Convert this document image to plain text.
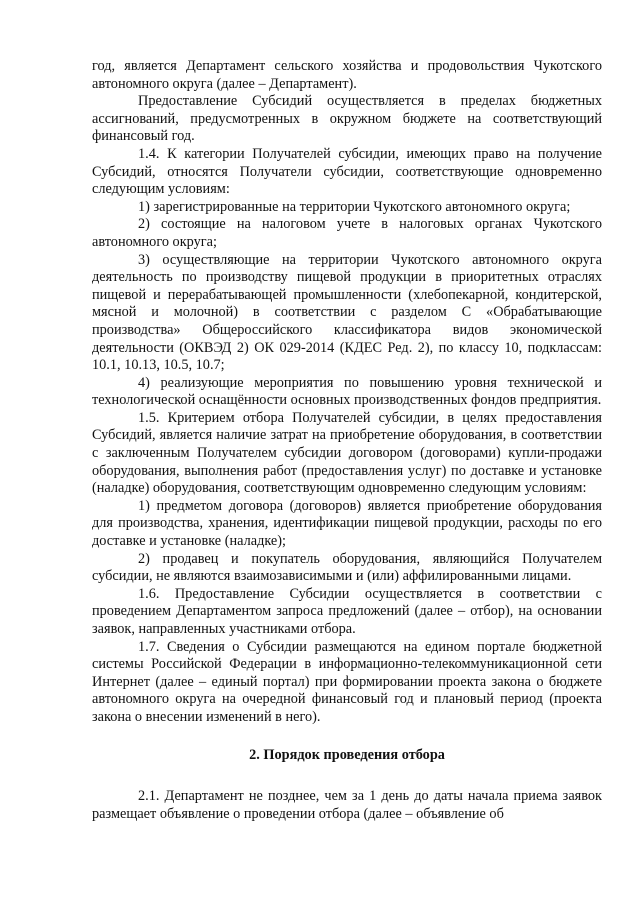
год, является Департамент сельского хозяйства и продовольствия Чукотского автономного округа (далее – Департамент).

Предоставление Субсидий осуществляется в пределах бюджетных ассигнований, предусмотренных в окружном бюджете на соответствующий финансовый год.

1.4. К категории Получателей субсидии, имеющих право на получение Субсидий, относятся Получатели субсидии, соответствующие одновременно следующим условиям:

1) зарегистрированные на территории Чукотского автономного округа;

2) состоящие на налоговом учете в налоговых органах Чукотского автономного округа;

3) осуществляющие на территории Чукотского автономного округа деятельность по производству пищевой продукции в приоритетных отраслях пищевой и перерабатывающей промышленности (хлебопекарной, кондитерской, мясной и молочной) в соответствии с разделом С «Обрабатывающие производства» Общероссийского классификатора видов экономической деятельности (ОКВЭД 2) ОК 029-2014 (КДЕС Ред. 2), по классу 10, подклассам: 10.1, 10.13, 10.5, 10.7;

4) реализующие мероприятия по повышению уровня технической и технологической оснащённости основных производственных фондов предприятия.

1.5. Критерием отбора Получателей субсидии, в целях предоставления Субсидий, является наличие затрат на приобретение оборудования, в соответствии с заключенным Получателем субсидии договором (договорами) купли-продажи оборудования, выполнения работ (предоставления услуг) по доставке и установке (наладке) оборудования, соответствующим одновременно следующим условиям:

1) предметом договора (договоров) является приобретение оборудования для производства, хранения, идентификации пищевой продукции, расходы по его доставке и установке (наладке);

2) продавец и покупатель оборудования, являющийся Получателем субсидии, не являются взаимозависимыми и (или) аффилированными лицами.

1.6. Предоставление Субсидии осуществляется в соответствии с проведением Департаментом запроса предложений (далее – отбор), на основании заявок, направленных участниками отбора.

1.7. Сведения о Субсидии размещаются на едином портале бюджетной системы Российской Федерации в информационно-телекоммуникационной сети Интернет (далее – единый портал) при формировании проекта закона о бюджете автономного округа на очередной финансовый год и плановый период (проекта закона о внесении изменений в него).

2. Порядок проведения отбора

2.1. Департамент не позднее, чем за 1 день до даты начала приема заявок размещает объявление о проведении отбора (далее – объявление об
